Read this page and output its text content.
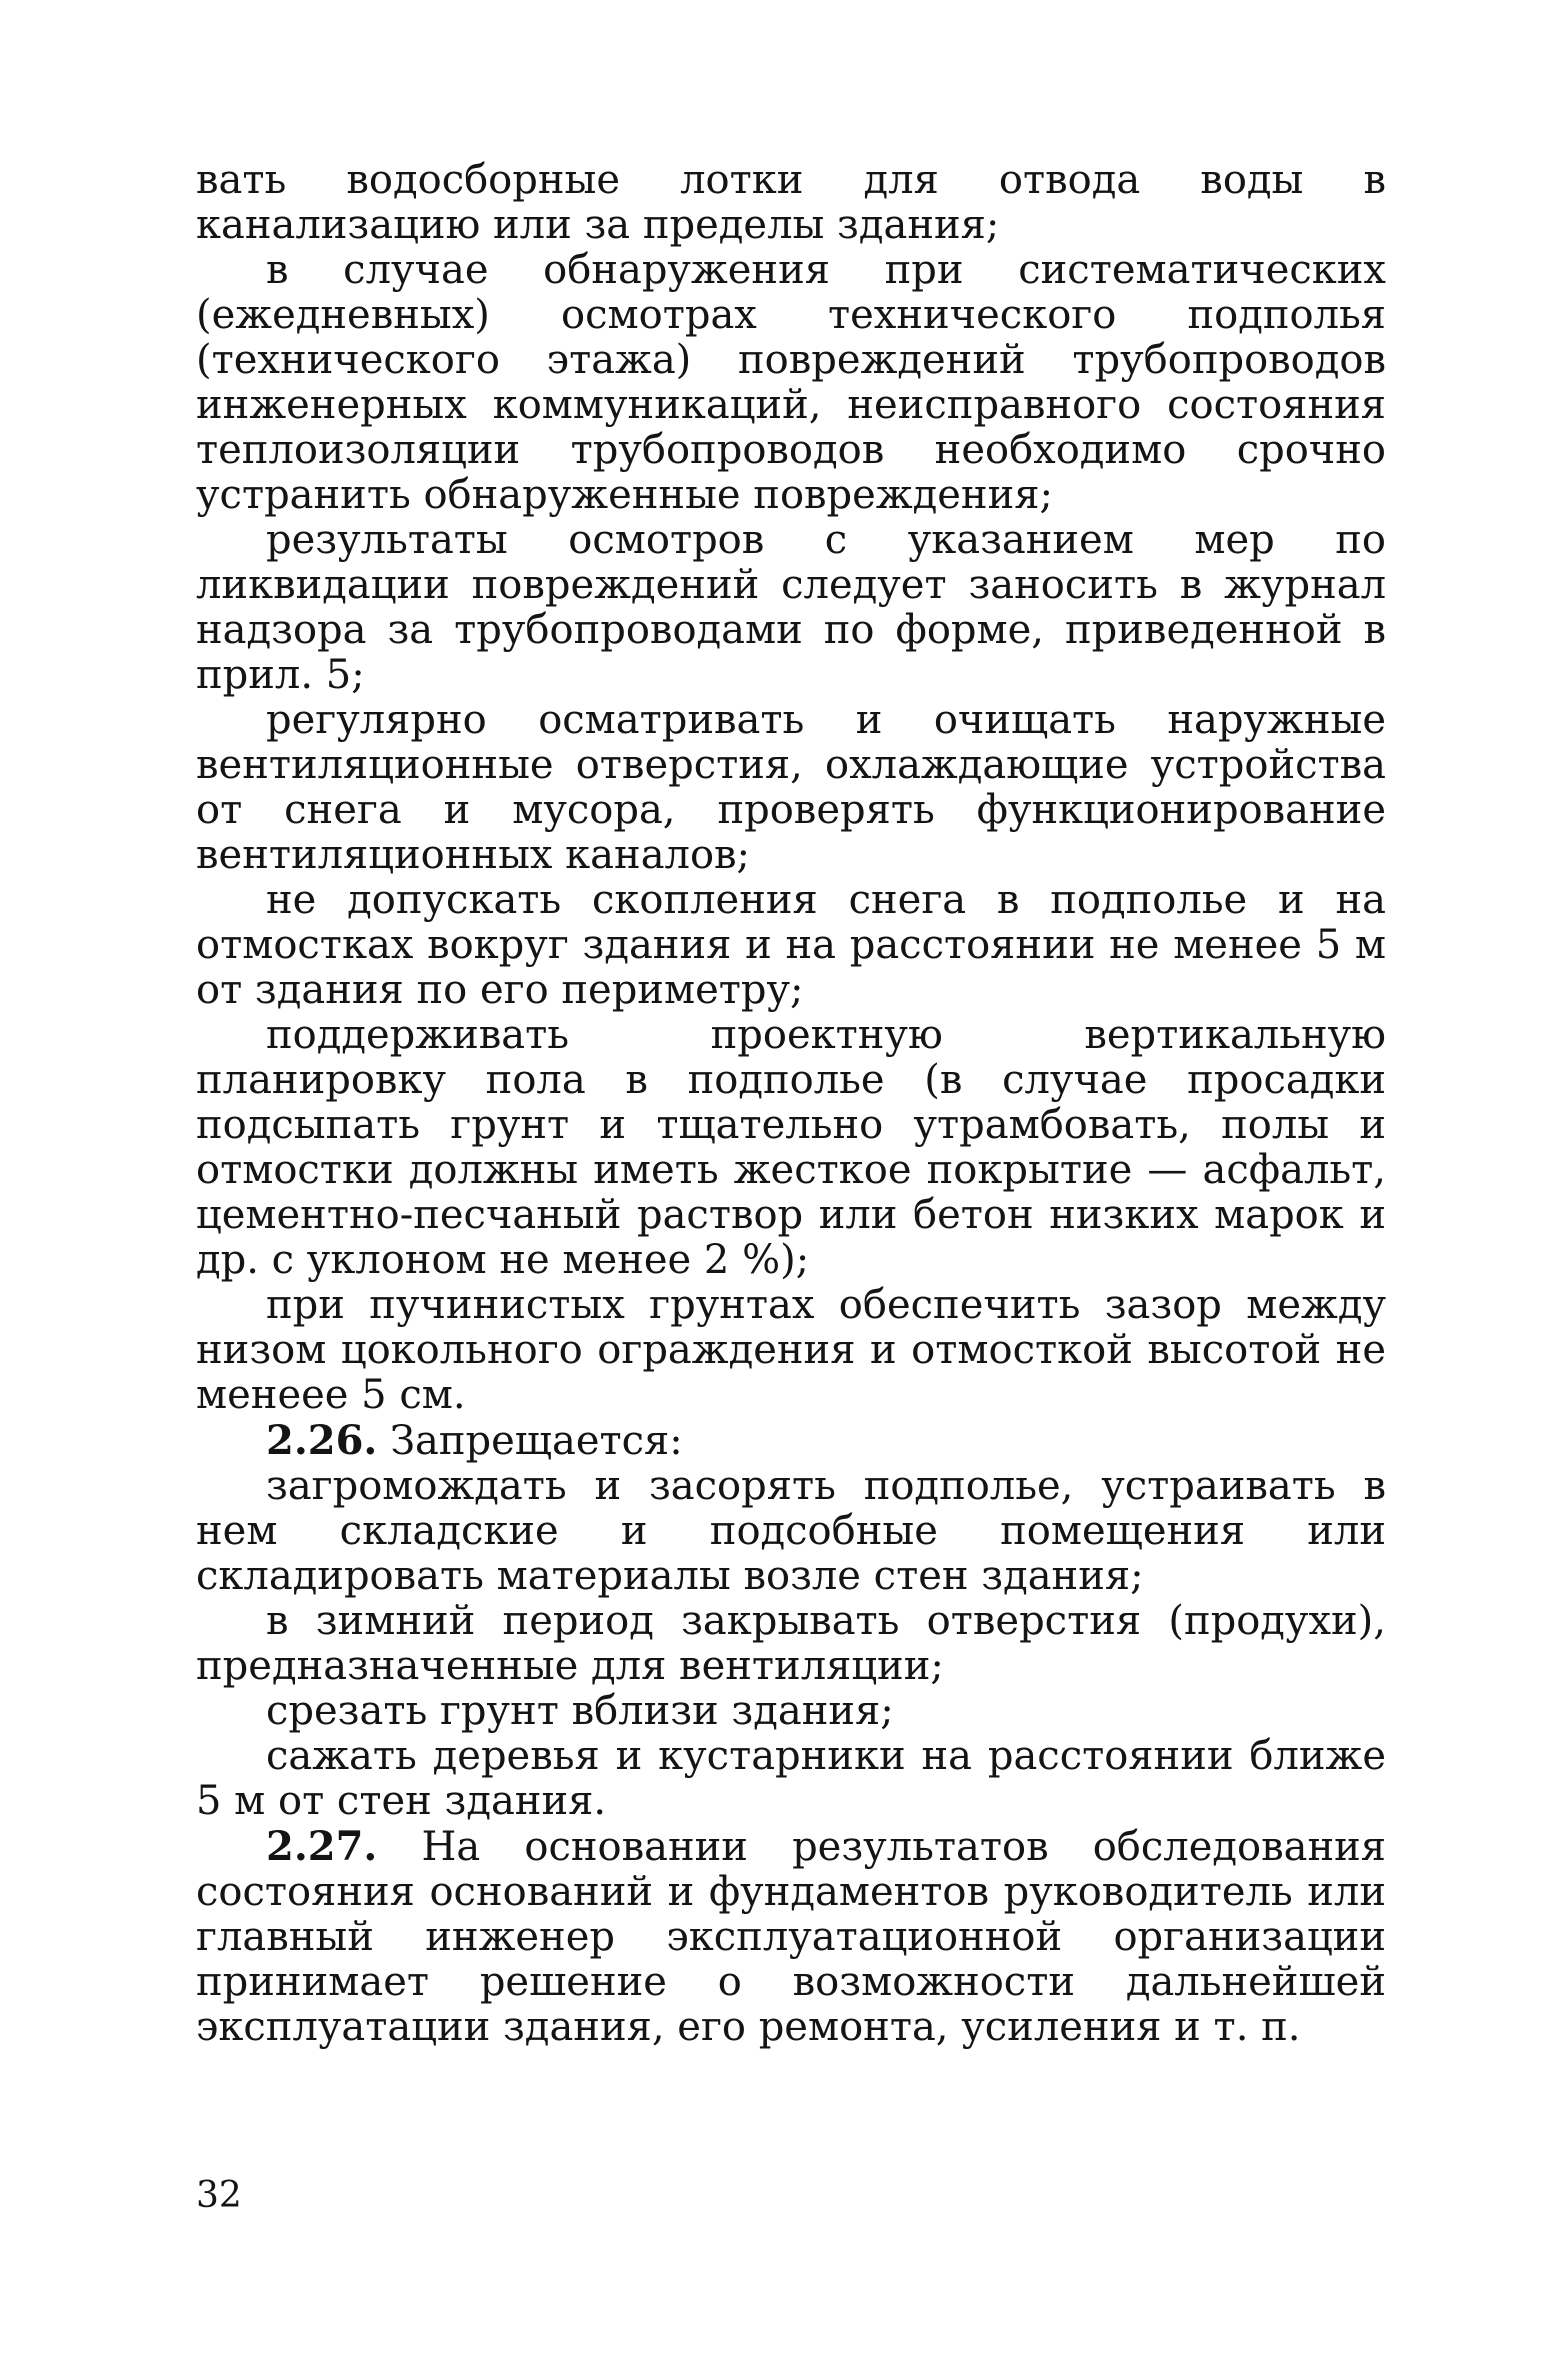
вать водосборные лотки для отвода воды в канализацию или за пределы здания;

в случае обнаружения при систематических (ежедневных) осмотрах технического подполья (технического этажа) повреждений трубопроводов инженерных коммуникаций, неисправного состояния теплоизоляции трубопроводов необходимо срочно устранить обнаруженные повреждения;

результаты осмотров с указанием мер по ликвидации повреждений следует заносить в журнал надзора за трубопроводами по форме, приведенной в прил. 5;

регулярно осматривать и очищать наружные вентиляционные отверстия, охлаждающие устройства от снега и мусора, проверять функционирование вентиляционных каналов;

не допускать скопления снега в подполье и на отмостках вокруг здания и на расстоянии не менее 5 м от здания по его периметру;

поддерживать проектную вертикальную планировку пола в подполье (в случае просадки подсыпать грунт и тщательно утрамбовать, полы и отмостки должны иметь жесткое покрытие — асфальт, цементно-песчаный раствор или бетон низких марок и др. с уклоном не менее 2 %);

при пучинистых грунтах обеспечить зазор между низом цокольного ограждения и отмосткой высотой не менеее 5 см.

2.26. Запрещается:

загромождать и засорять подполье, устраивать в нем складские и подсобные помещения или складировать материалы возле стен здания;

в зимний период закрывать отверстия (продухи), предназначенные для вентиляции;

срезать грунт вблизи здания;

сажать деревья и кустарники на расстоянии ближе 5 м от стен здания.

2.27. На основании результатов обследования состояния оснований и фундаментов руководитель или главный инженер эксплуатационной организации принимает решение о возможности дальнейшей эксплуатации здания, его ремонта, усиления и т. п.

32
